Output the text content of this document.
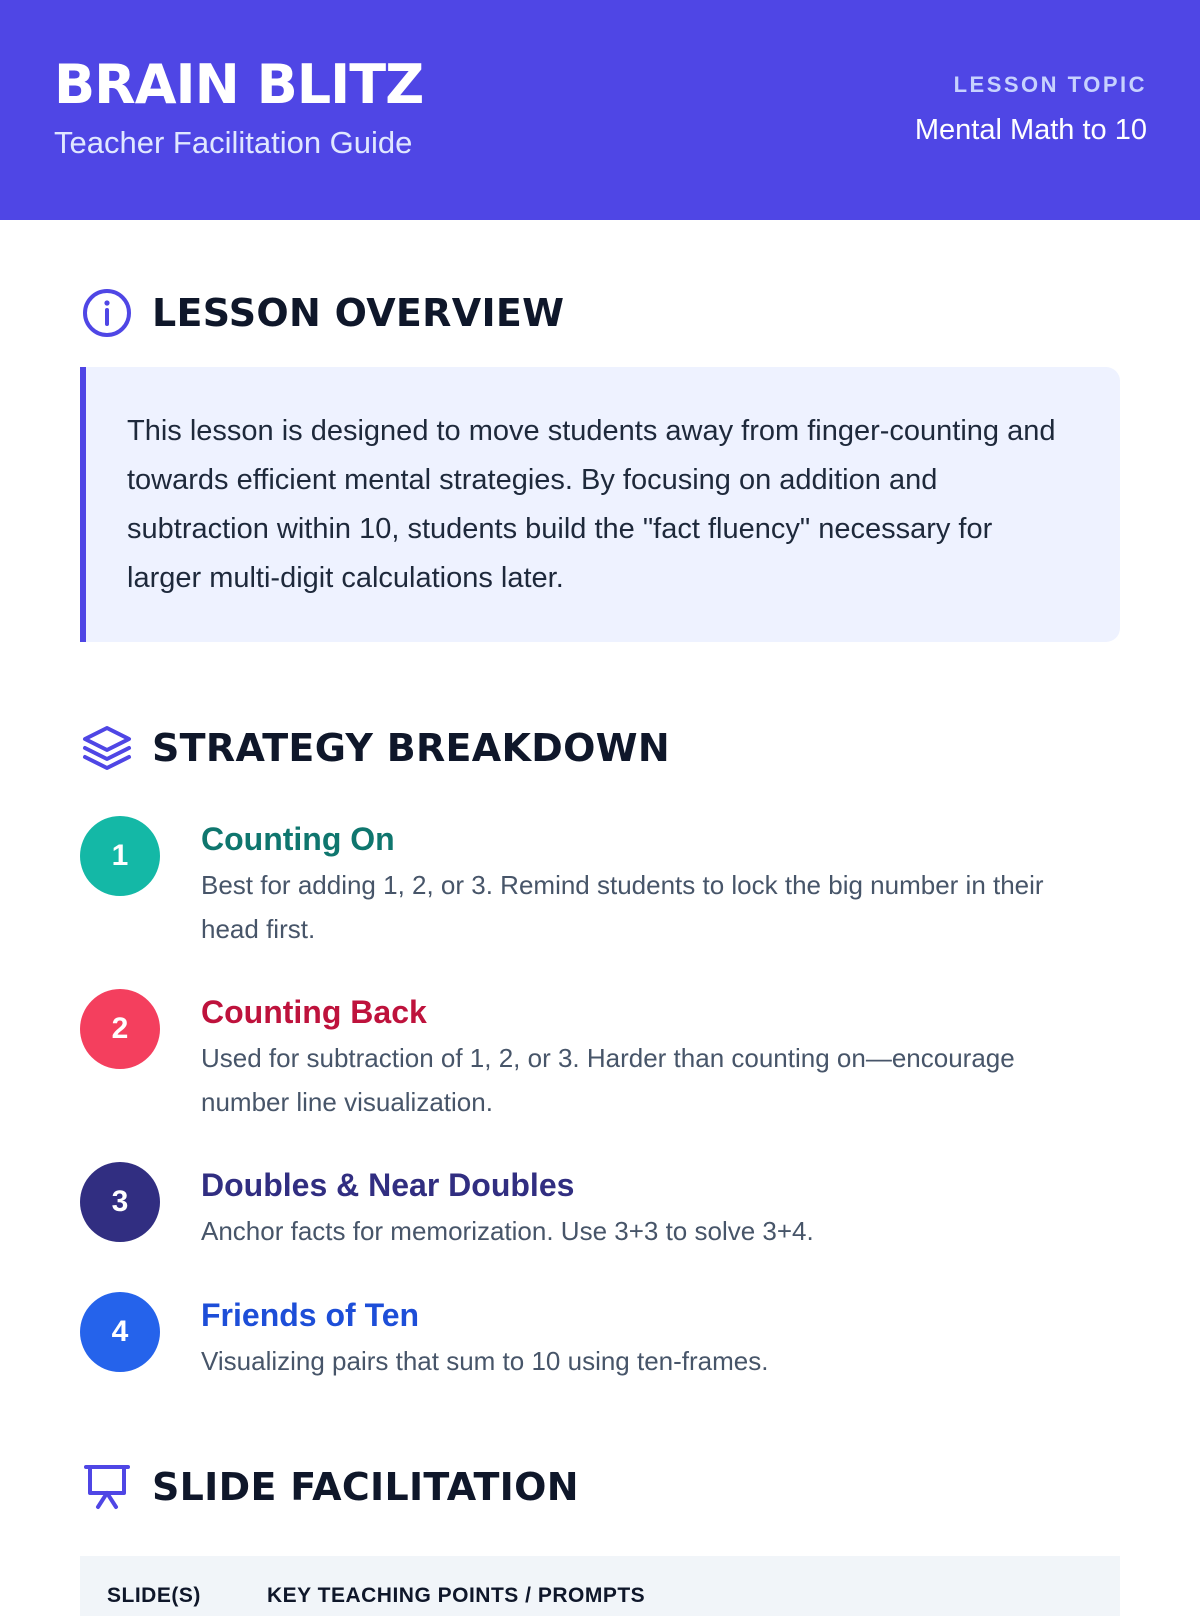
BRAIN BLITZ
Teacher Facilitation Guide
LESSON TOPIC
Mental Math to 10
LESSON OVERVIEW
This lesson is designed to move students away from finger-counting and towards efficient mental strategies. By focusing on addition and subtraction within 10, students build the "fact fluency" necessary for larger multi-digit calculations later.
STRATEGY BREAKDOWN
1	Counting On
Best for adding 1, 2, or 3. Remind students to lock the big number in their head first.
2	Counting Back
Used for subtraction of 1, 2, or 3. Harder than counting on—encourage number line visualization.
3	Doubles & Near Doubles
Anchor facts for memorization. Use 3+3 to solve 3+4.
4	Friends of Ten
Visualizing pairs that sum to 10 using ten-frames.
SLIDE FACILITATION
SLIDE(S)	KEY TEACHING POINTS / PROMPTS
